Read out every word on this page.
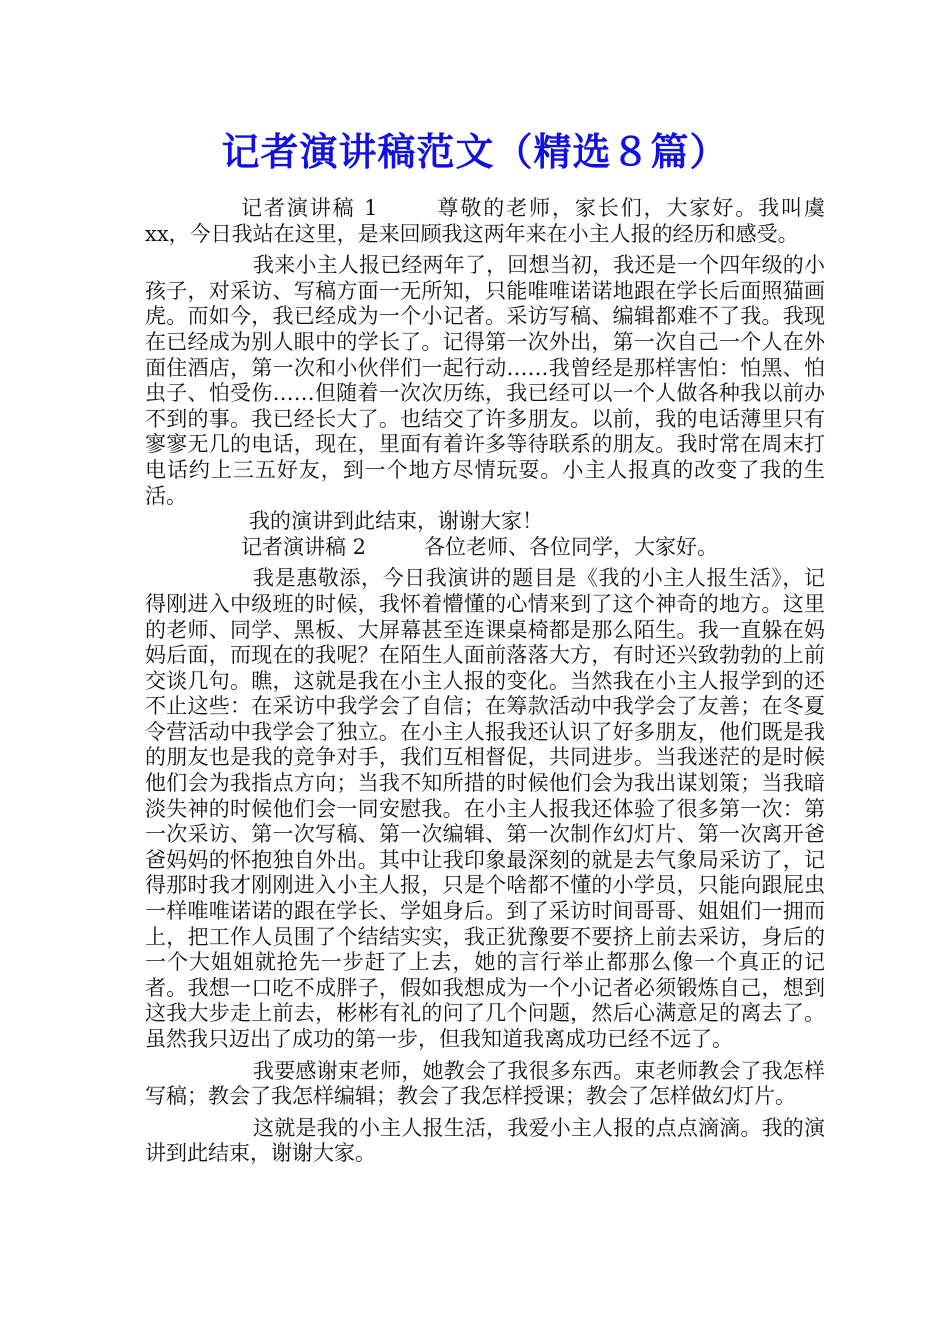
记者演讲稿范文（精选８篇）

记者演讲稿 1	尊敬的老师，家长们，大家好。我叫虞xx，今日我站在这里，是来回顾我这两年来在小主人报的经历和感受。

我来小主人报已经两年了，回想当初，我还是一个四年级的小孩子，对采访、写稿方面一无所知，只能唯唯诺诺地跟在学长后面照猫画虎。而如今，我已经成为一个小记者。采访写稿、编辑都难不了我。我现在已经成为别人眼中的学长了。记得第一次外出，第一次自己一个人在外面住酒店，第一次和小伙伴们一起行动……我曾经是那样害怕：怕黑、怕虫子、怕受伤……但随着一次次历练，我已经可以一个人做各种我以前办不到的事。我已经长大了。也结交了许多朋友。以前，我的电话薄里只有寥寥无几的电话，现在，里面有着许多等待联系的朋友。我时常在周末打电话约上三五好友，到一个地方尽情玩耍。小主人报真的改变了我的生活。

我的演讲到此结束，谢谢大家！

记者演讲稿 2	各位老师、各位同学，大家好。

我是惠敬添，今日我演讲的题目是《我的小主人报生活》，记得刚进入中级班的时候，我怀着懵懂的心情来到了这个神奇的地方。这里的老师、同学、黑板、大屏幕甚至连课桌椅都是那么陌生。我一直躲在妈妈后面，而现在的我呢？在陌生人面前落落大方，有时还兴致勃勃的上前交谈几句。瞧，这就是我在小主人报的变化。当然我在小主人报学到的还不止这些：在采访中我学会了自信；在筹款活动中我学会了友善；在冬夏令营活动中我学会了独立。在小主人报我还认识了好多朋友，他们既是我的朋友也是我的竞争对手，我们互相督促，共同进步。当我迷茫的是时候他们会为我指点方向；当我不知所措的时候他们会为我出谋划策；当我暗淡失神的时候他们会一同安慰我。在小主人报我还体验了很多第一次：第一次采访、第一次写稿、第一次编辑、第一次制作幻灯片、第一次离开爸爸妈妈的怀抱独自外出。其中让我印象最深刻的就是去气象局采访了，记得那时我才刚刚进入小主人报，只是个啥都不懂的小学员，只能向跟屁虫一样唯唯诺诺的跟在学长、学姐身后。到了采访时间哥哥、姐姐们一拥而上，把工作人员围了个结结实实，我正犹豫要不要挤上前去采访，身后的一个大姐姐就抢先一步赶了上去，她的言行举止都那么像一个真正的记者。我想一口吃不成胖子，假如我想成为一个小记者必须锻炼自己，想到这我大步走上前去，彬彬有礼的问了几个问题，然后心满意足的离去了。虽然我只迈出了成功的第一步，但我知道我离成功已经不远了。

我要感谢束老师，她教会了我很多东西。束老师教会了我怎样写稿；教会了我怎样编辑；教会了我怎样授课；教会了怎样做幻灯片。

这就是我的小主人报生活，我爱小主人报的点点滴滴。我的演讲到此结束，谢谢大家。
